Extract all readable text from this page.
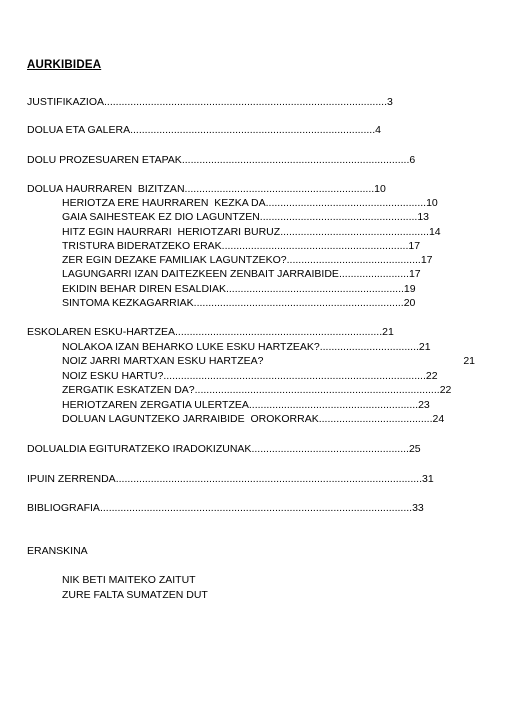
AURKIBIDEA
JUSTIFIKAZIOA.................................................................................................3
DOLUA ETA GALERA....................................................................................4
DOLU PROZESUAREN ETAPAK..............................................................................6
DOLUA HAURRAREN  BIZITZAN.................................................................10
HERIOTZA ERE HAURRAREN  KEZKA DA.......................................................10
GAIA SAIHESTEAK EZ DIO LAGUNTZEN......................................................13
HITZ EGIN HAURRARI  HERIOTZARI BURUZ...................................................14
TRISTURA BIDERATZEKO ERAK................................................................17
ZER EGIN DEZAKE FAMILIAK LAGUNTZEKO?..............................................17
LAGUNGARRI IZAN DAITEZKEEN ZENBAIT JARRAIBIDE........................17
EKIDIN BEHAR DIREN ESALDIAK.............................................................19
SINTOMA KEZKAGARRIAK........................................................................20
ESKOLAREN ESKU-HARTZEA.......................................................................21
NOLAKOA IZAN BEHARKO LUKE ESKU HARTZEAK?..................................21
NOIZ JARRI MARTXAN ESKU HARTZEA?	21
NOIZ ESKU HARTU?..........................................................................................22
ZERGATIK ESKATZEN DA?....................................................................................22
HERIOTZAREN ZERGATIA ULERTZEA..........................................................23
DOLUAN LAGUNTZEKO JARRAIBIDE  OROKORRAK.......................................24
DOLUALDIA EGITURATZEKO IRADOKIZUNAK......................................................25
IPUIN ZERRENDA.........................................................................................................31
BIBLIOGRAFIA...........................................................................................................33
ERANSKINA
NIK BETI MAITEKO ZAITUT
ZURE FALTA SUMATZEN DUT
